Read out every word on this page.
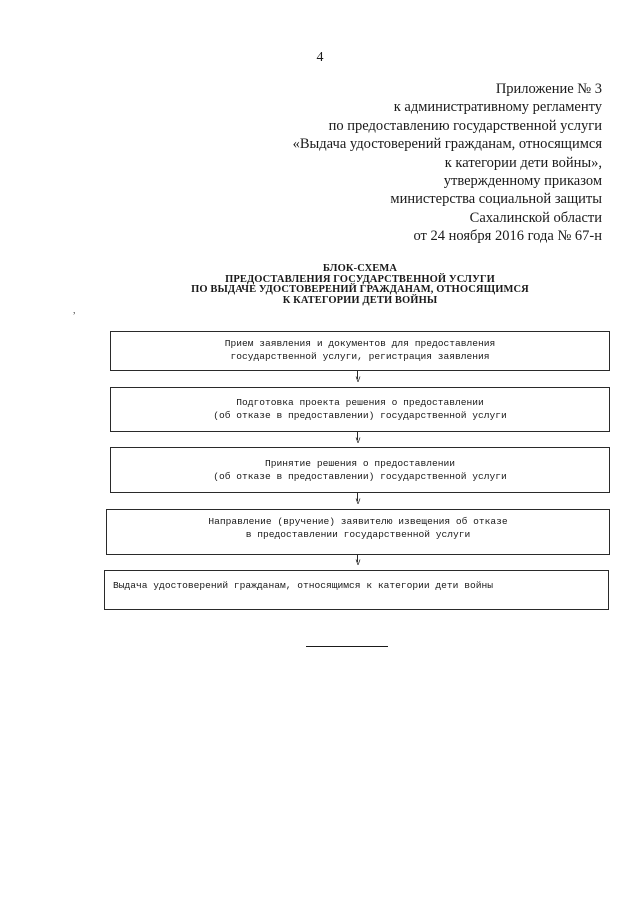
4
Приложение № 3
к административному регламенту
по предоставлению государственной услуги
«Выдача удостоверений гражданам, относящимся
к категории дети войны»,
утвержденному приказом
министерства социальной защиты
Сахалинской области
от 24 ноября 2016 года № 67-н
БЛОК-СХЕМА
ПРЕДОСТАВЛЕНИЯ ГОСУДАРСТВЕННОЙ УСЛУГИ
ПО ВЫДАЧЕ УДОСТОВЕРЕНИЙ ГРАЖДАНАМ, ОТНОСЯЩИМСЯ
К КАТЕГОРИИ ДЕТИ ВОЙНЫ
,
Прием заявления и документов для предоставления
государственной услуги, регистрация заявления
V
Подготовка проекта решения о предоставлении
(об отказе в предоставлении) государственной услуги
V
Принятие решения о предоставлении
(об отказе в предоставлении) государственной услуги
V
Направление (вручение) заявителю извещения об отказе
в предоставлении государственной услуги
V
Выдача удостоверений гражданам, относящимся к категории дети войны
